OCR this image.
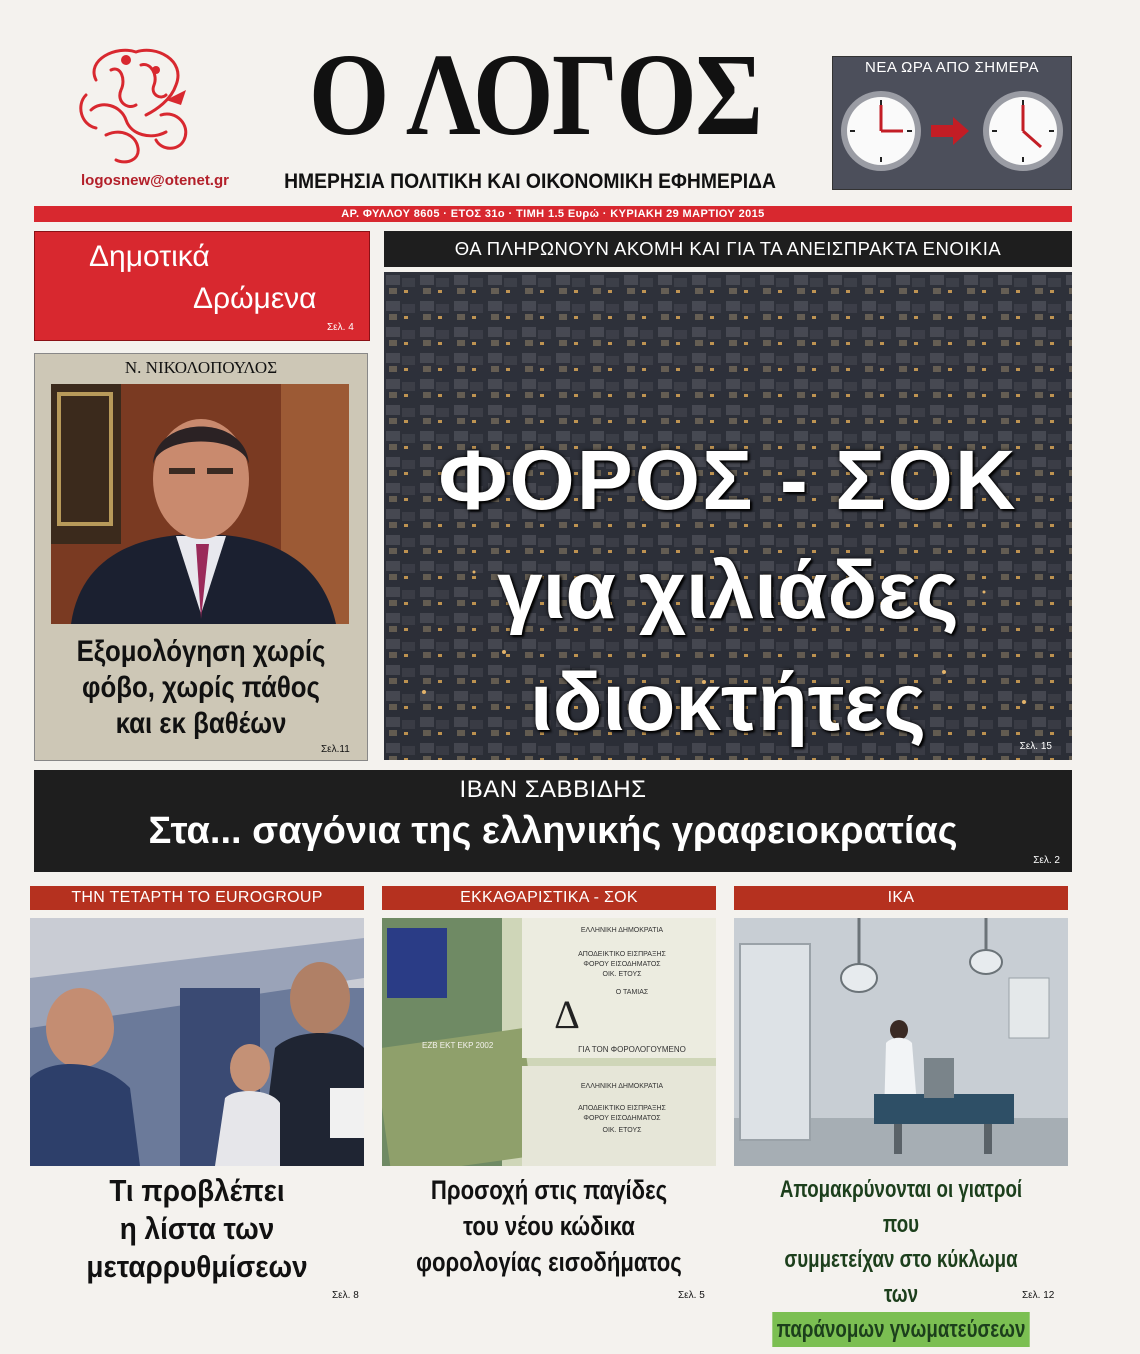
logosnew@otenet.gr
Ο ΛΟΓΟΣ
ΗΜΕΡΗΣΙΑ ΠΟΛΙΤΙΚΗ ΚΑΙ ΟΙΚΟΝΟΜΙΚΗ ΕΦΗΜΕΡΙΔΑ
ΝΕΑ ΩΡΑ ΑΠΟ ΣΗΜΕΡΑ
ΑΡ. ΦΥΛΛΟΥ 8605 · ΕΤΟΣ 31ο · ΤΙΜΗ 1.5 Ευρώ · ΚΥΡΙΑΚΗ 29 ΜΑΡΤΙΟΥ 2015
Δημοτικά
Δρώμενα
Σελ. 4
Ν. ΝΙΚΟΛΟΠΟΥΛΟΣ
Εξομολόγηση χωρίς
φόβο, χωρίς πάθος
και εκ βαθέων
Σελ.11
ΘΑ ΠΛΗΡΩΝΟΥΝ ΑΚΟΜΗ ΚΑΙ ΓΙΑ ΤΑ ΑΝΕΙΣΠΡΑΚΤΑ ΕΝΟΙΚΙΑ
ΦΟΡΟΣ - ΣΟΚ
για χιλιάδες
ιδιοκτήτες	Σελ. 15
ΙΒΑΝ ΣΑΒΒΙΔΗΣ
Στα... σαγόνια της ελληνικής γραφειοκρατίας
Σελ. 2
ΤΗΝ ΤΕΤΑΡΤΗ ΤΟ EUROGROUP
Τι προβλέπει
η λίστα των
μεταρρυθμίσεων
Σελ. 8
ΕΚΚΑΘΑΡΙΣΤΙΚΑ - ΣΟΚ
ΕΛΛΗΝΙΚΗ ΔΗΜΟΚΡΑΤΙΑ
ΑΠΟΔΕΙΚΤΙΚΟ ΕΙΣΠΡΑΞΗΣ
ΦΟΡΟΥ ΕΙΣΟΔΗΜΑΤΟΣ
ΟΙΚ. ΕΤΟΥΣ
Ο ΤΑΜΙΑΣ
Δ
ΓΙΑ ΤΟΝ ΦΟΡΟΛΟΓΟΥΜΕΝΟ
ΕΖΒ ΕΚΤ ΕΚΡ 2002
ΕΛΛΗΝΙΚΗ ΔΗΜΟΚΡΑΤΙΑ
ΑΠΟΔΕΙΚΤΙΚΟ ΕΙΣΠΡΑΞΗΣ
ΦΟΡΟΥ ΕΙΣΟΔΗΜΑΤΟΣ
ΟΙΚ. ΕΤΟΥΣ
Προσοχή στις παγίδες
του νέου κώδικα
φορολογίας εισοδήματος
Σελ. 5
ΙΚΑ
Απομακρύνονται οι γιατροί που
συμμετείχαν στο κύκλωμα των
παράνομων γνωματεύσεων
Σελ. 12
